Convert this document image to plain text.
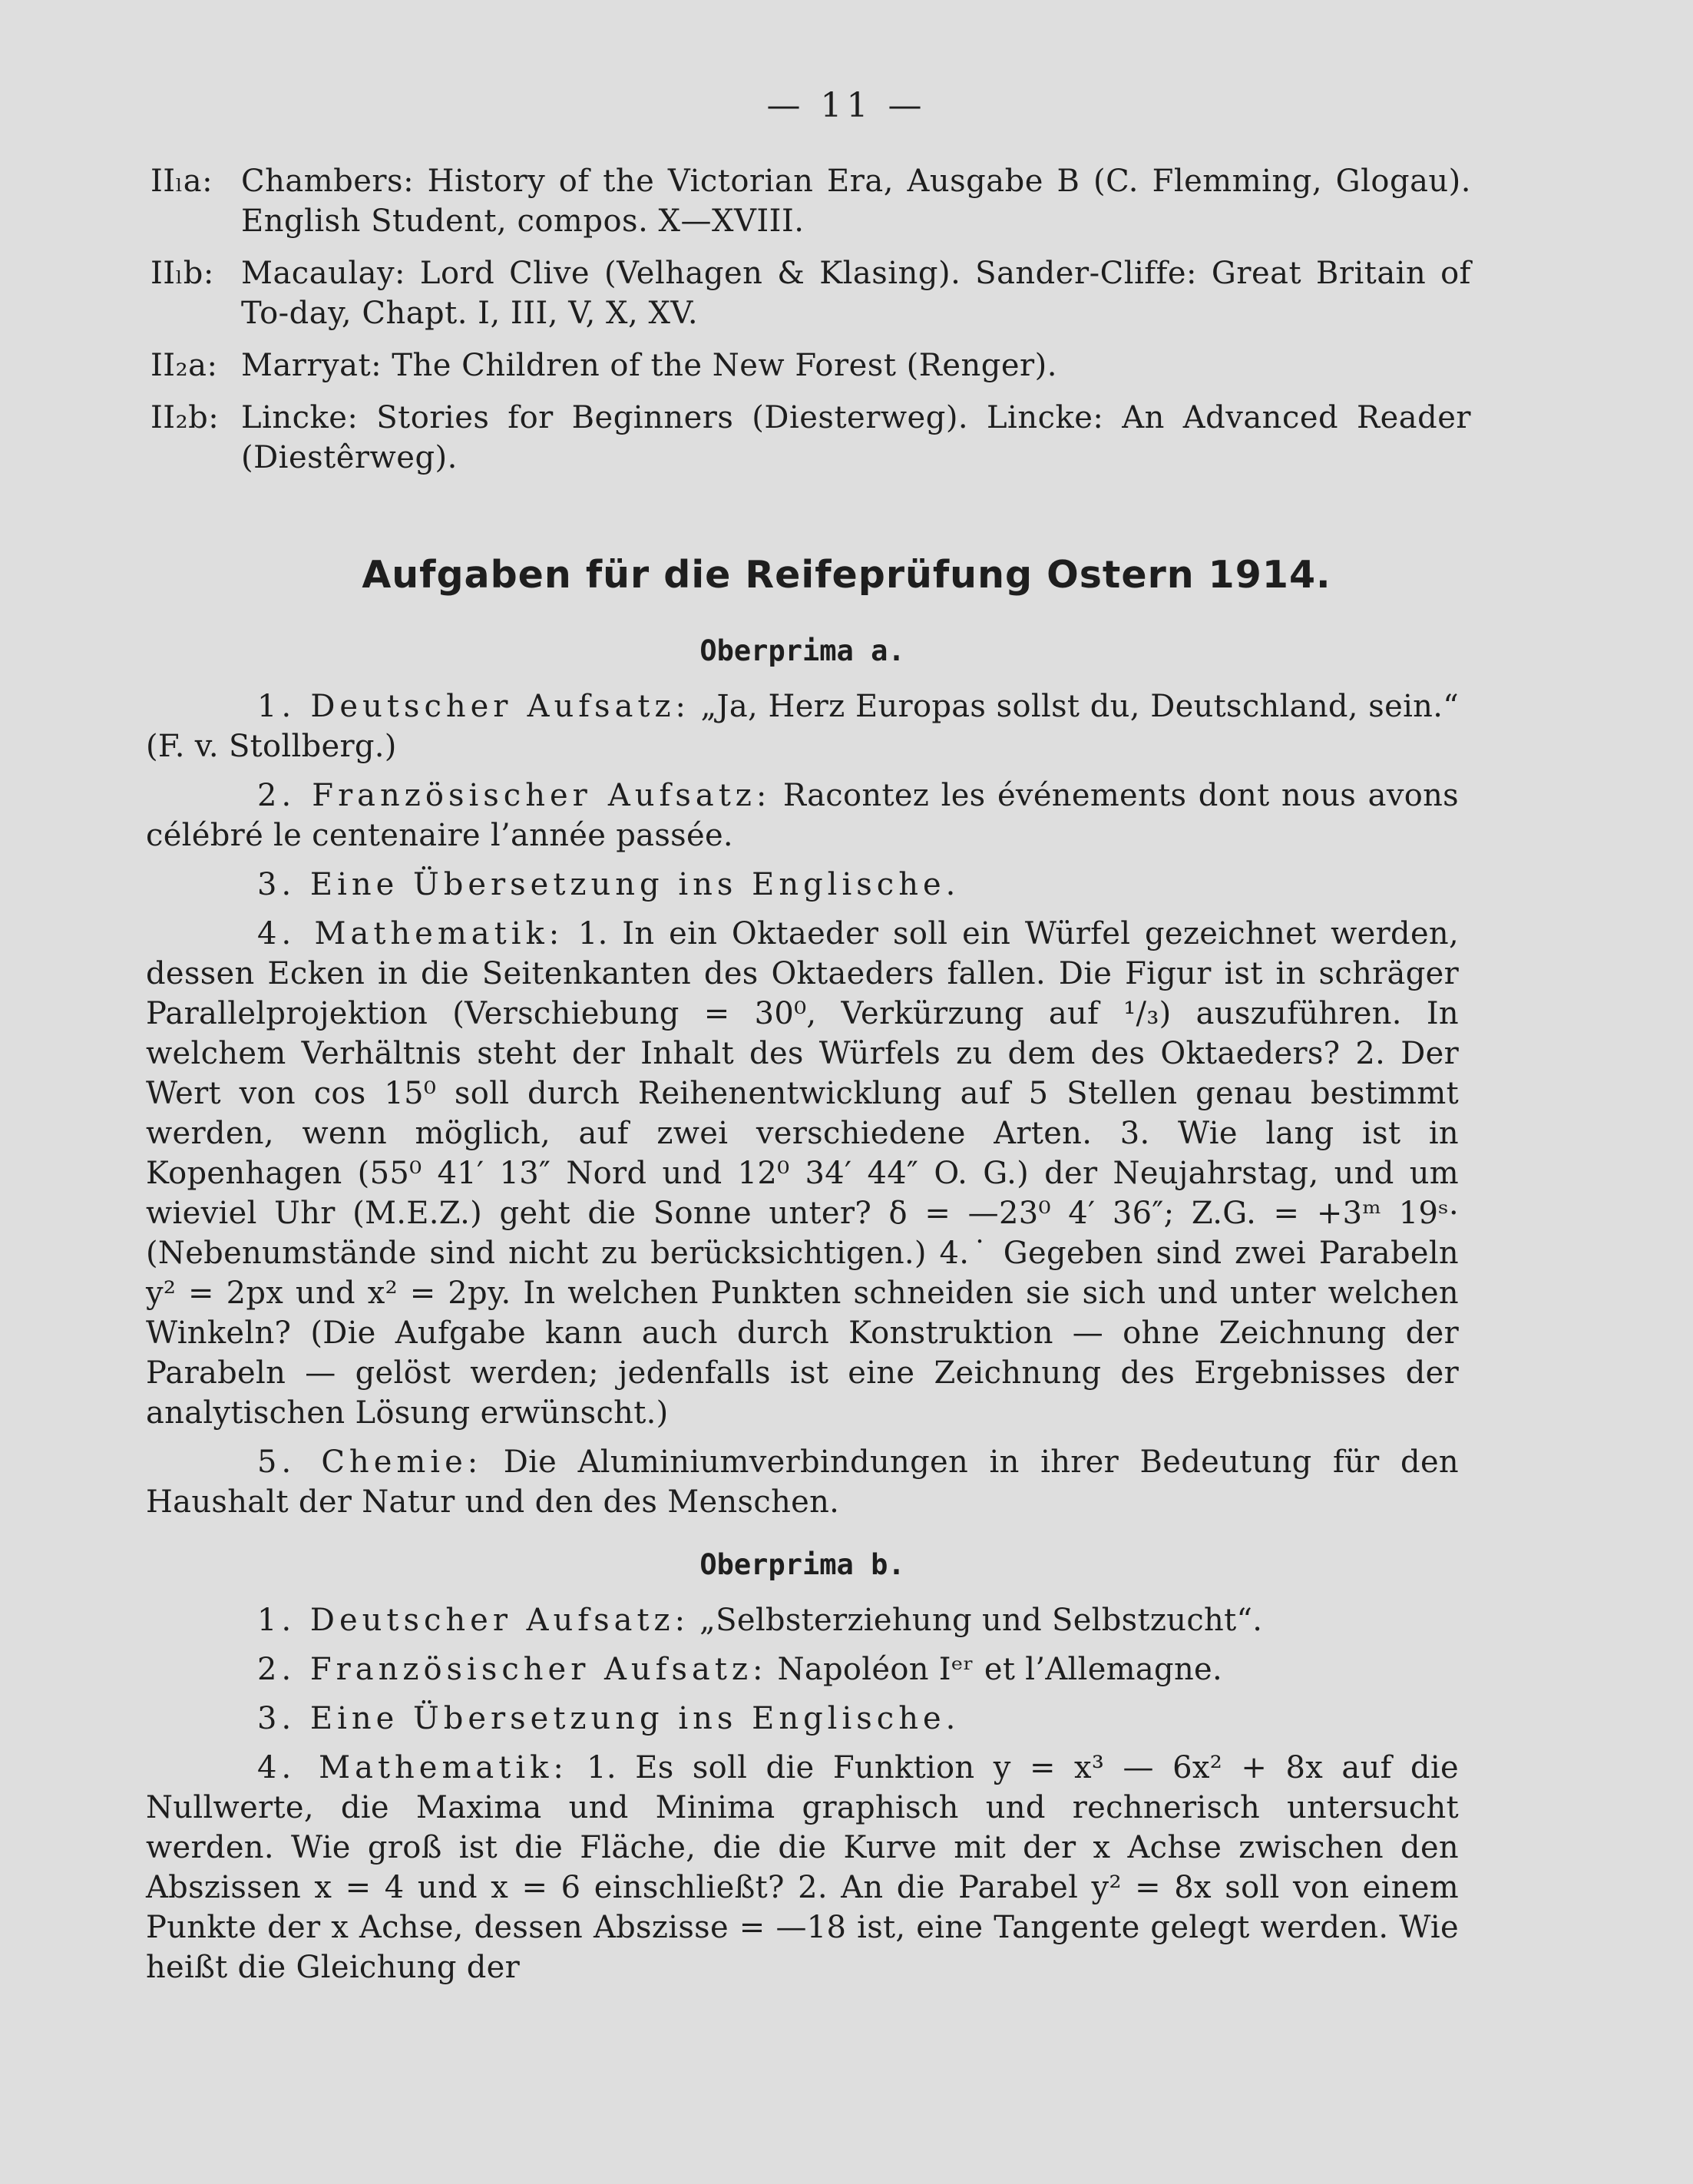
— 11 —
IIₗa: Chambers: History of the Victorian Era, Ausgabe B (C. Flemming, Glogau). English Student, compos. X—XVIII.
IIₗb: Macaulay: Lord Clive (Velhagen & Klasing). Sander-Cliffe: Great Britain of To-day, Chapt. I, III, V, X, XV.
II₂a: Marryat: The Children of the New Forest (Renger).
II₂b: Lincke: Stories for Beginners (Diesterweg). Lincke: An Advanced Reader (Diestêrweg).
Aufgaben für die Reifeprüfung Ostern 1914.
Oberprima a.
1. Deutscher Aufsatz: „Ja, Herz Europas sollst du, Deutschland, sein.“ (F. v. Stollberg.)
2. Französischer Aufsatz: Racontez les événements dont nous avons célébré le centenaire l’année passée.
3. Eine Übersetzung ins Englische.
4. Mathematik: 1. In ein Oktaeder soll ein Würfel gezeichnet werden, dessen Ecken in die Seitenkanten des Oktaeders fallen. Die Figur ist in schräger Parallelprojektion (Verschiebung = 30⁰, Verkürzung auf ¹/₃) auszuführen. In welchem Verhältnis steht der Inhalt des Würfels zu dem des Oktaeders? 2. Der Wert von cos 15⁰ soll durch Reihenentwicklung auf 5 Stellen genau bestimmt werden, wenn möglich, auf zwei verschiedene Arten. 3. Wie lang ist in Kopenhagen (55⁰ 41′ 13″ Nord und 12⁰ 34′ 44″ O. G.) der Neujahrstag, und um wieviel Uhr (M.E.Z.) geht die Sonne unter? δ = —23⁰ 4′ 36″; Z.G. = +3ᵐ 19ˢ· (Nebenumstände sind nicht zu berücksichtigen.) 4.˙ Gegeben sind zwei Parabeln y² = 2px und x² = 2py. In welchen Punkten schneiden sie sich und unter welchen Winkeln? (Die Aufgabe kann auch durch Konstruktion — ohne Zeichnung der Parabeln — gelöst werden; jedenfalls ist eine Zeichnung des Ergebnisses der analytischen Lösung erwünscht.)
5. Chemie: Die Aluminiumverbindungen in ihrer Bedeutung für den Haushalt der Natur und den des Menschen.
Oberprima b.
1. Deutscher Aufsatz: „Selbsterziehung und Selbstzucht“.
2. Französischer Aufsatz: Napoléon Iᵉʳ et l’Allemagne.
3. Eine Übersetzung ins Englische.
4. Mathematik: 1. Es soll die Funktion y = x³ — 6x² + 8x auf die Nullwerte, die Maxima und Minima graphisch und rechnerisch untersucht werden. Wie groß ist die Fläche, die die Kurve mit der x Achse zwischen den Abszissen x = 4 und x = 6 einschließt? 2. An die Parabel y² = 8x soll von einem Punkte der x Achse, dessen Abszisse = —18 ist, eine Tangente gelegt werden. Wie heißt die Gleichung der
